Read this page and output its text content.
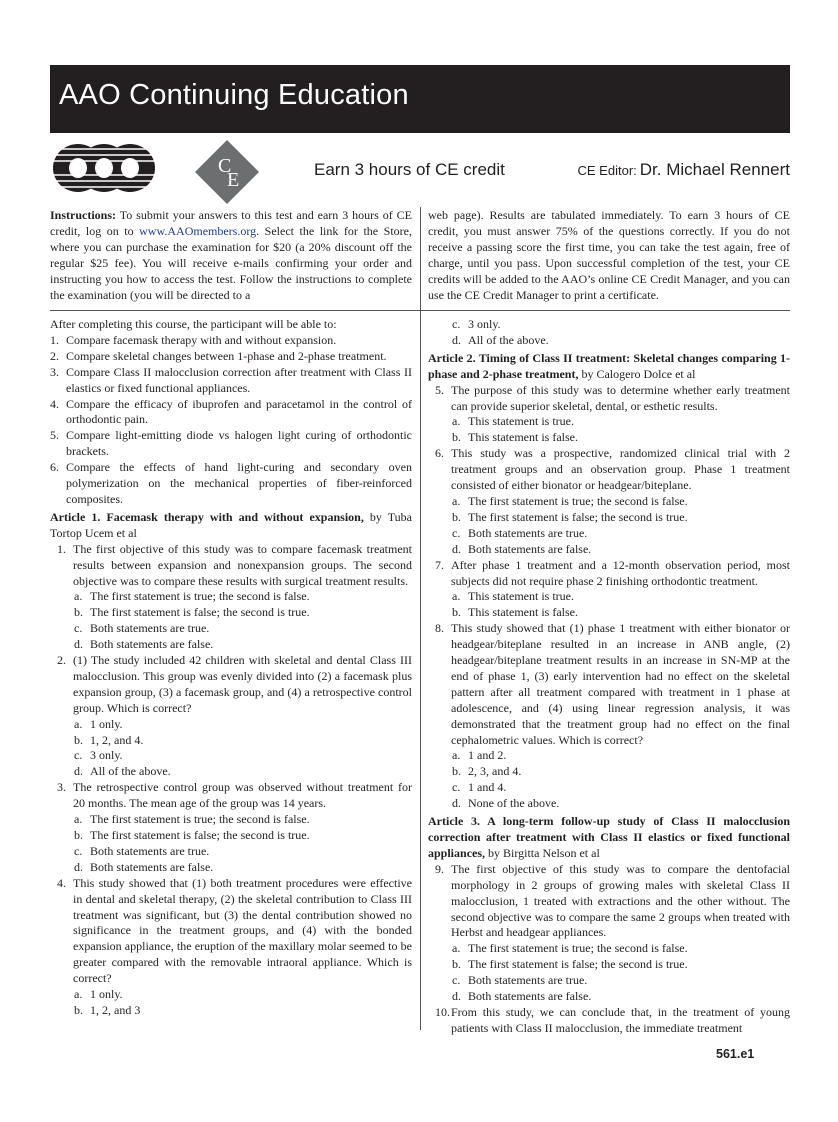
AAO Continuing Education
C
E	Earn 3 hours of CE credit	CE Editor: Dr. Michael Rennert
Instructions: To submit your answers to this test and earn 3 hours of CE credit, log on to www.AAOmembers.org. Select the link for the Store, where you can purchase the examination for $20 (a 20% discount off the regular $25 fee). You will receive e-mails confirming your order and instructing you how to access the test. Follow the instructions to complete the examination (you will be directed to a
web page). Results are tabulated immediately. To earn 3 hours of CE credit, you must answer 75% of the questions correctly. If you do not receive a passing score the first time, you can take the test again, free of charge, until you pass. Upon successful completion of the test, your CE credits will be added to the AAO’s online CE Credit Manager, and you can use the CE Credit Manager to print a certificate.
After completing this course, the participant will be able to:
1. Compare facemask therapy with and without expansion.
2. Compare skeletal changes between 1-phase and 2-phase treatment.
3. Compare Class II malocclusion correction after treatment with Class II elastics or fixed functional appliances.
4. Compare the efficacy of ibuprofen and paracetamol in the control of orthodontic pain.
5. Compare light-emitting diode vs halogen light curing of orthodontic brackets.
6. Compare the effects of hand light-curing and secondary oven polymerization on the mechanical properties of fiber-reinforced composites.
Article 1. Facemask therapy with and without expansion, by Tuba Tortop Ucem et al
1. The first objective of this study was to compare facemask treatment results between expansion and nonexpansion groups. The second objective was to compare these results with surgical treatment results.
a. The first statement is true; the second is false.
b. The first statement is false; the second is true.
c. Both statements are true.
d. Both statements are false.
2. (1) The study included 42 children with skeletal and dental Class III malocclusion. This group was evenly divided into (2) a facemask plus expansion group, (3) a facemask group, and (4) a retrospective control group. Which is correct?
a. 1 only.
b. 1, 2, and 4.
c. 3 only.
d. All of the above.
3. The retrospective control group was observed without treatment for 20 months. The mean age of the group was 14 years.
a. The first statement is true; the second is false.
b. The first statement is false; the second is true.
c. Both statements are true.
d. Both statements are false.
4. This study showed that (1) both treatment procedures were effective in dental and skeletal therapy, (2) the skeletal contribution to Class III treatment was significant, but (3) the dental contribution showed no significance in the treatment groups, and (4) with the bonded expansion appliance, the eruption of the maxillary molar seemed to be greater compared with the removable intraoral appliance. Which is correct?
a. 1 only.
b. 1, 2, and 3
c. 3 only.
d. All of the above.
Article 2. Timing of Class II treatment: Skeletal changes comparing 1-phase and 2-phase treatment, by Calogero Dolce et al
5. The purpose of this study was to determine whether early treatment can provide superior skeletal, dental, or esthetic results.
a. This statement is true.
b. This statement is false.
6. This study was a prospective, randomized clinical trial with 2 treatment groups and an observation group. Phase 1 treatment consisted of either bionator or headgear/biteplane.
a. The first statement is true; the second is false.
b. The first statement is false; the second is true.
c. Both statements are true.
d. Both statements are false.
7. After phase 1 treatment and a 12-month observation period, most subjects did not require phase 2 finishing orthodontic treatment.
a. This statement is true.
b. This statement is false.
8. This study showed that (1) phase 1 treatment with either bionator or headgear/biteplane resulted in an increase in ANB angle, (2) headgear/biteplane treatment results in an increase in SN-MP at the end of phase 1, (3) early intervention had no effect on the skeletal pattern after all treatment compared with treatment in 1 phase at adolescence, and (4) using linear regression analysis, it was demonstrated that the treatment group had no effect on the final cephalometric values. Which is correct?
a. 1 and 2.
b. 2, 3, and 4.
c. 1 and 4.
d. None of the above.
Article 3. A long-term follow-up study of Class II malocclusion correction after treatment with Class II elastics or fixed functional appliances, by Birgitta Nelson et al
9. The first objective of this study was to compare the dentofacial morphology in 2 groups of growing males with skeletal Class II malocclusion, 1 treated with extractions and the other without. The second objective was to compare the same 2 groups when treated with Herbst and headgear appliances.
a. The first statement is true; the second is false.
b. The first statement is false; the second is true.
c. Both statements are true.
d. Both statements are false.
10. From this study, we can conclude that, in the treatment of young patients with Class II malocclusion, the immediate treatment
561.e1
